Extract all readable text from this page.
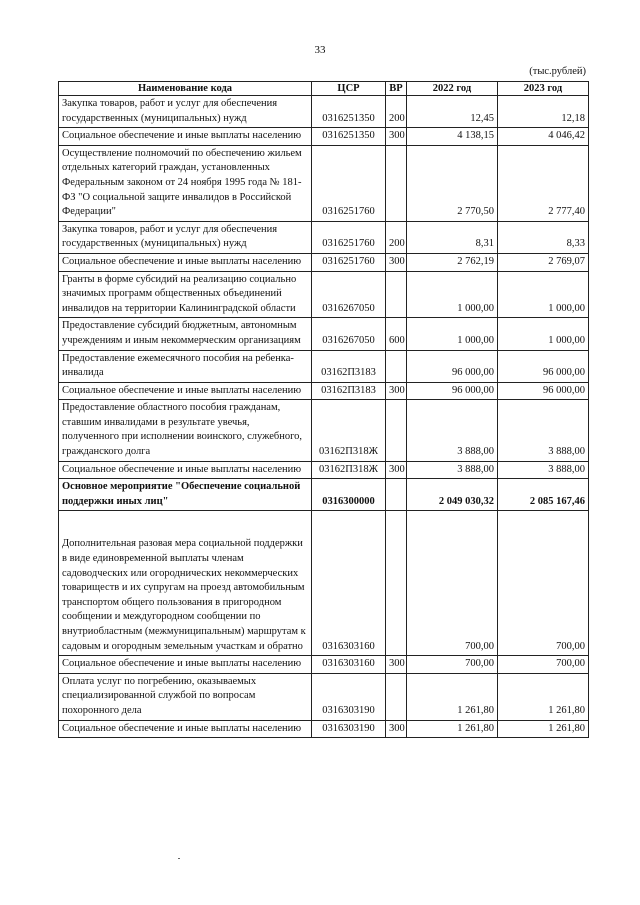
33
(тыс.рублей)
Наименование кода	ЦСР	ВР	2022 год	2023 год
Закупка товаров, работ и услуг для обеспечения государственных (муниципальных) нужд	0316251350	200	12,45	12,18
Социальное обеспечение и иные выплаты населению	0316251350	300	4 138,15	4 046,42
Осуществление полномочий по обеспечению жильем отдельных категорий граждан, установленных Федеральным законом от 24 ноября 1995 года № 181-ФЗ "О социальной защите инвалидов в Российской Федерации"	0316251760		2 770,50	2 777,40
Закупка товаров, работ и услуг для обеспечения государственных (муниципальных) нужд	0316251760	200	8,31	8,33
Социальное обеспечение и иные выплаты населению	0316251760	300	2 762,19	2 769,07
Гранты в форме субсидий на реализацию социально значимых программ общественных объединений инвалидов на территории Калининградской области	0316267050		1 000,00	1 000,00
Предоставление субсидий бюджетным, автономным учреждениям и иным некоммерческим организациям	0316267050	600	1 000,00	1 000,00
Предоставление ежемесячного пособия на ребенка-инвалида	03162П3183		96 000,00	96 000,00
Социальное обеспечение и иные выплаты населению	03162П3183	300	96 000,00	96 000,00
Предоставление областного пособия гражданам, ставшим инвалидами в результате увечья, полученного при исполнении воинского, служебного, гражданского долга	03162П318Ж		3 888,00	3 888,00
Социальное обеспечение и иные выплаты населению	03162П318Ж	300	3 888,00	3 888,00
Основное мероприятие "Обеспечение социальной поддержки иных лиц"	0316300000		2 049 030,32	2 085 167,46
Дополнительная разовая мера социальной поддержки в виде единовременной выплаты членам садоводческих или огороднических некоммерческих товариществ и их супругам на проезд автомобильным транспортом общего пользования в пригородном сообщении и междугородном сообщении по внутриобластным (межмуниципальным) маршрутам к садовым и огородным земельным участкам и обратно	0316303160		700,00	700,00
Социальное обеспечение и иные выплаты населению	0316303160	300	700,00	700,00
Оплата услуг по погребению, оказываемых специализированной службой по вопросам похоронного дела	0316303190		1 261,80	1 261,80
Социальное обеспечение и иные выплаты населению	0316303190	300	1 261,80	1 261,80
